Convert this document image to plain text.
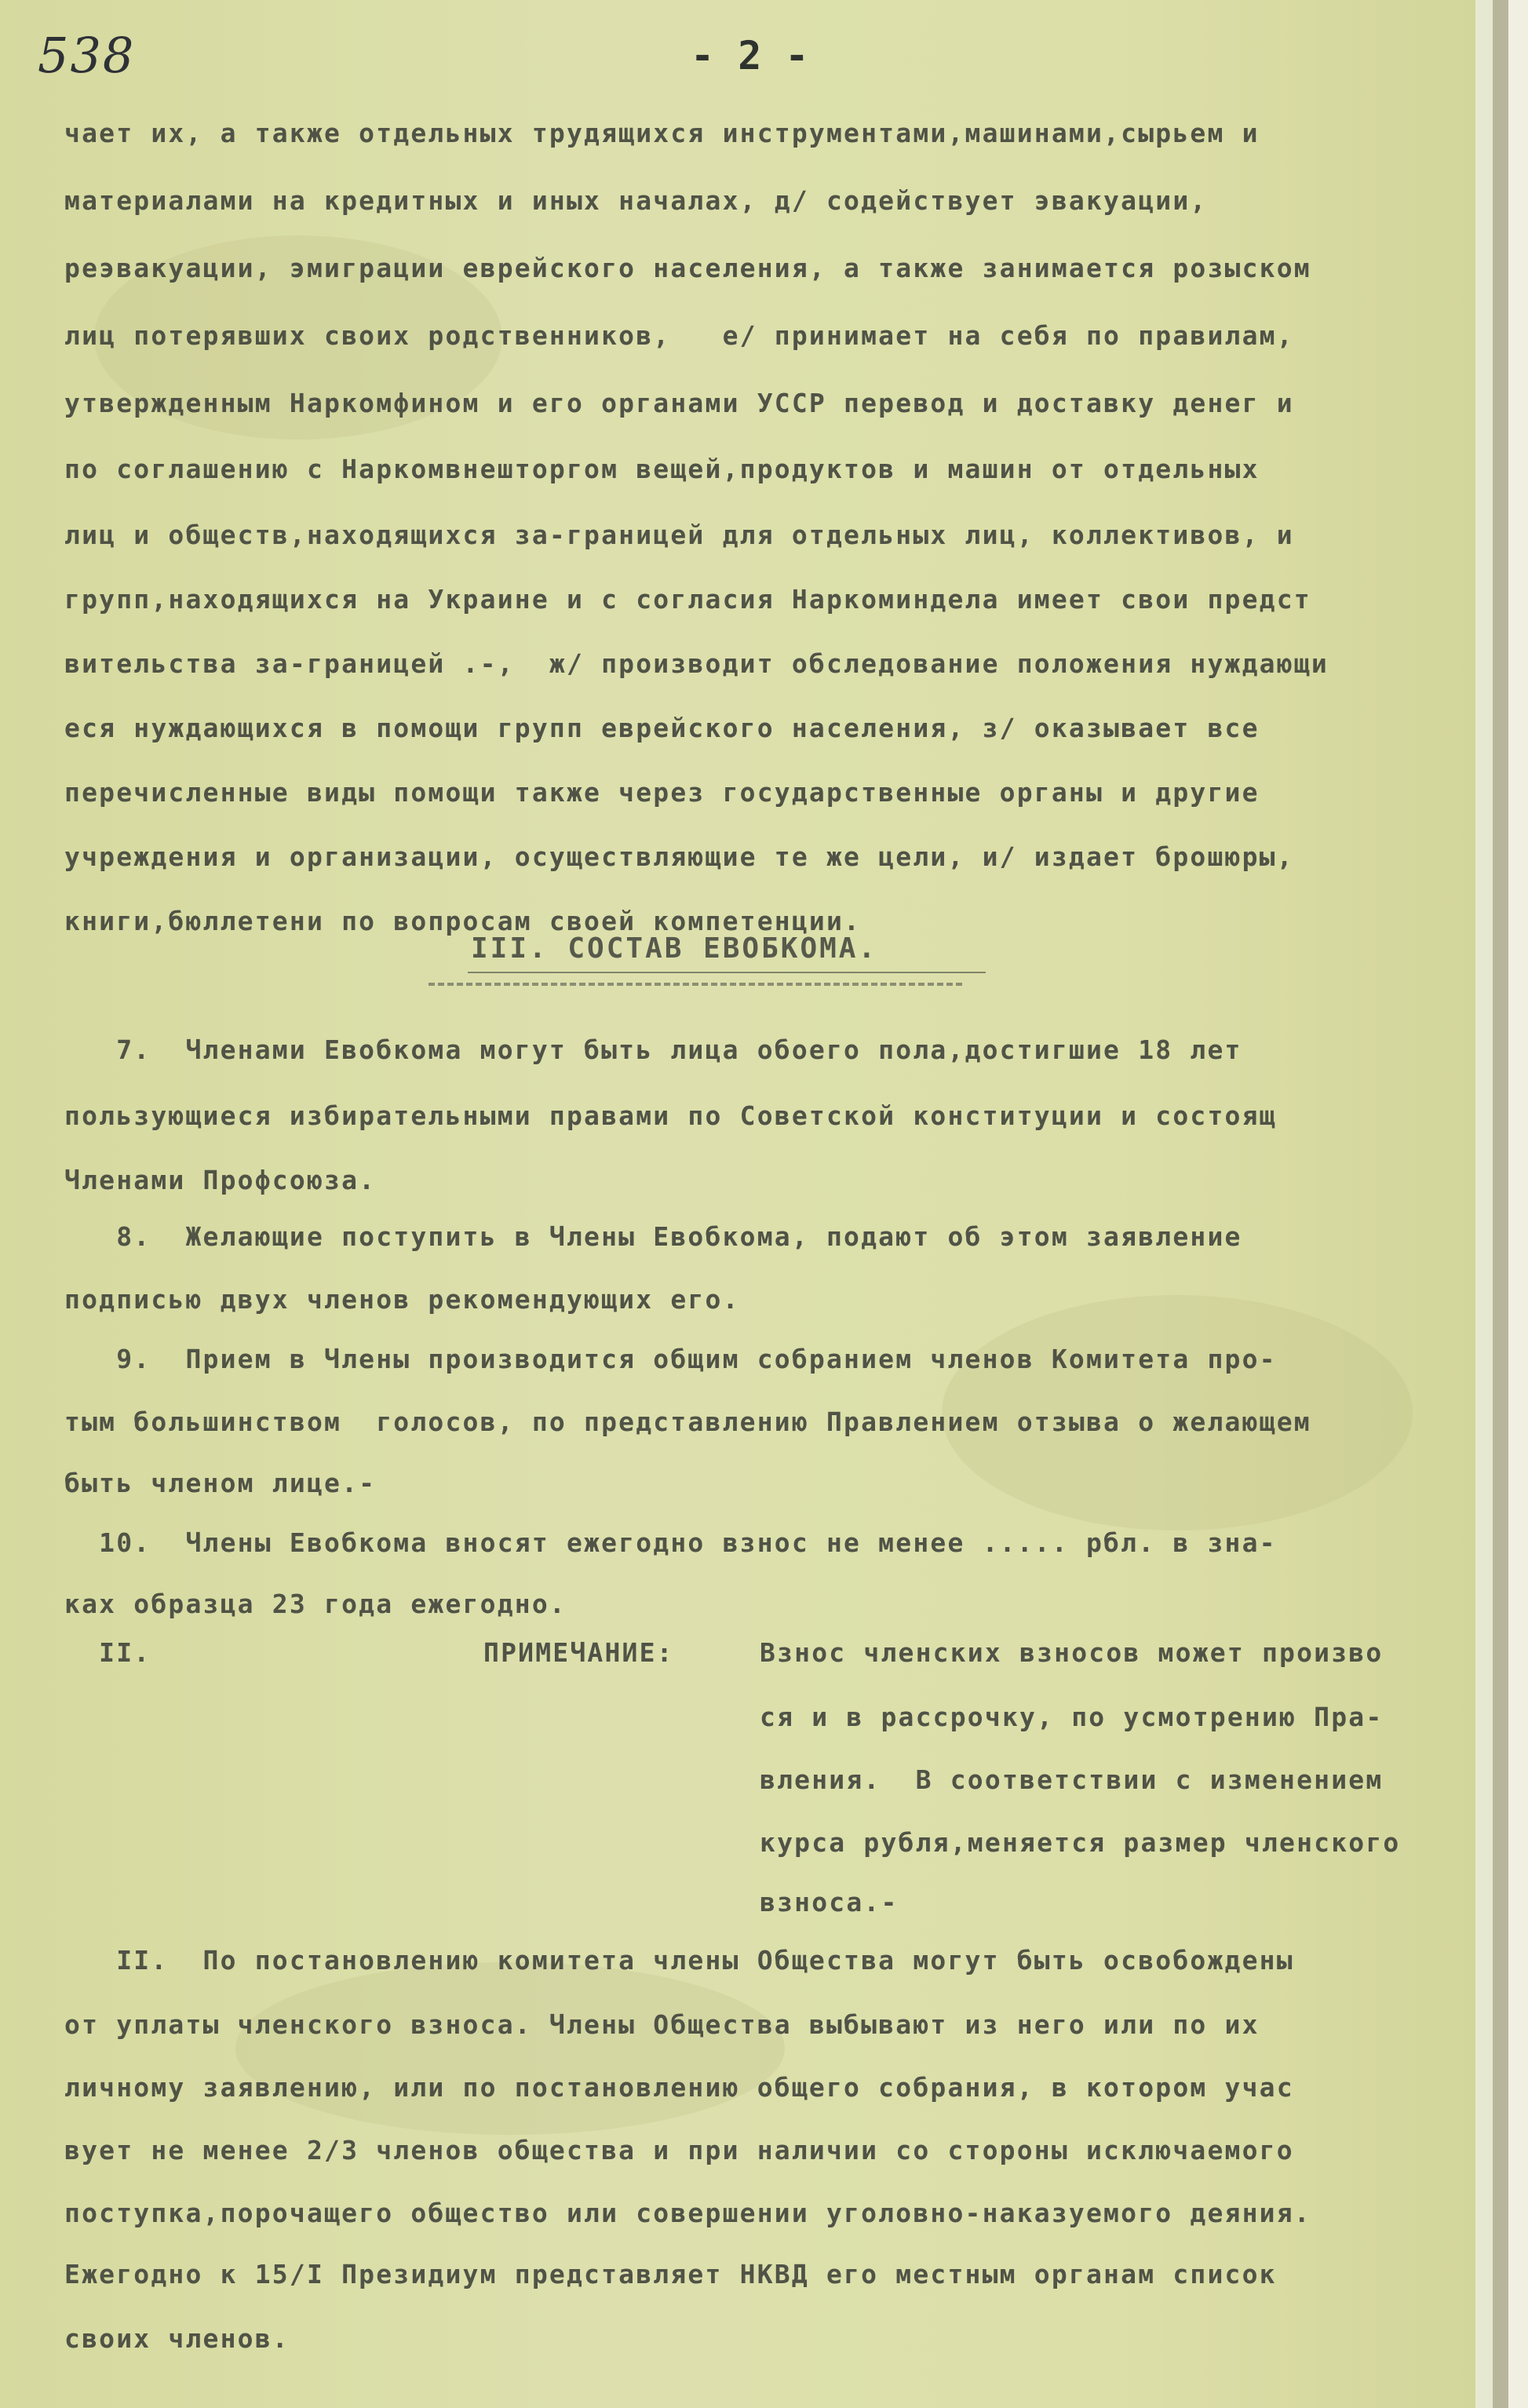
538	- 2 -
чает их, а также отдельных трудящихся инструментами,машинами,сырьем и
материалами на кредитных и иных началах, д/ содействует эвакуации,
реэвакуации, эмиграции еврейского населения, а также занимается розыском
лиц потерявших своих родственников,   е/ принимает на себя по правилам,
утвержденным Наркомфином и его органами УССР перевод и доставку денег и
по соглашению с Наркомвнешторгом вещей,продуктов и машин от отдельных
лиц и обществ,находящихся за-границей для отдельных лиц, коллективов, и
групп,находящихся на Украине и с согласия Наркоминдела имеет свои предст
вительства за-границей .-,  ж/ производит обследование положения нуждающи
еся нуждающихся в помощи групп еврейского населения, з/ оказывает все
перечисленные виды помощи также через государственные органы и другие
учреждения и организации, осуществляющие те же цели, и/ издает брошюры,
книги,бюллетени по вопросам своей компетенции.
III. СОСТАВ ЕВОБКОМА.
7.  Членами Евобкома могут быть лица обоего пола,достигшие 18 лет
пользующиеся избирательными правами по Советской конституции и состоящ
Членами Профсоюза.
8.  Желающие поступить в Члены Евобкома, подают об этом заявление
подписью двух членов рекомендующих его.
9.  Прием в Члены производится общим собранием членов Комитета про-
тым большинством  голосов, по представлению Правлением отзыва о желающем
быть членом лице.-
10.  Члены Евобкома вносят ежегодно взнос не менее ..... рбл. в зна-
ках образца 23 года ежегодно.
II.	ПРИМЕЧАНИЕ:	Взнос членских взносов может произво
ся и в рассрочку, по усмотрению Пра-
вления.  В соответствии с изменением
курса рубля,меняется размер членского
взноса.-
II.  По постановлению комитета члены Общества могут быть освобождены
от уплаты членского взноса. Члены Общества выбывают из него или по их
личному заявлению, или по постановлению общего собрания, в котором учас
вует не менее 2/3 членов общества и при наличии со стороны исключаемого
поступка,порочащего общество или совершении уголовно-наказуемого деяния.
Ежегодно к 15/I Президиум представляет НКВД его местным органам список
своих членов.
